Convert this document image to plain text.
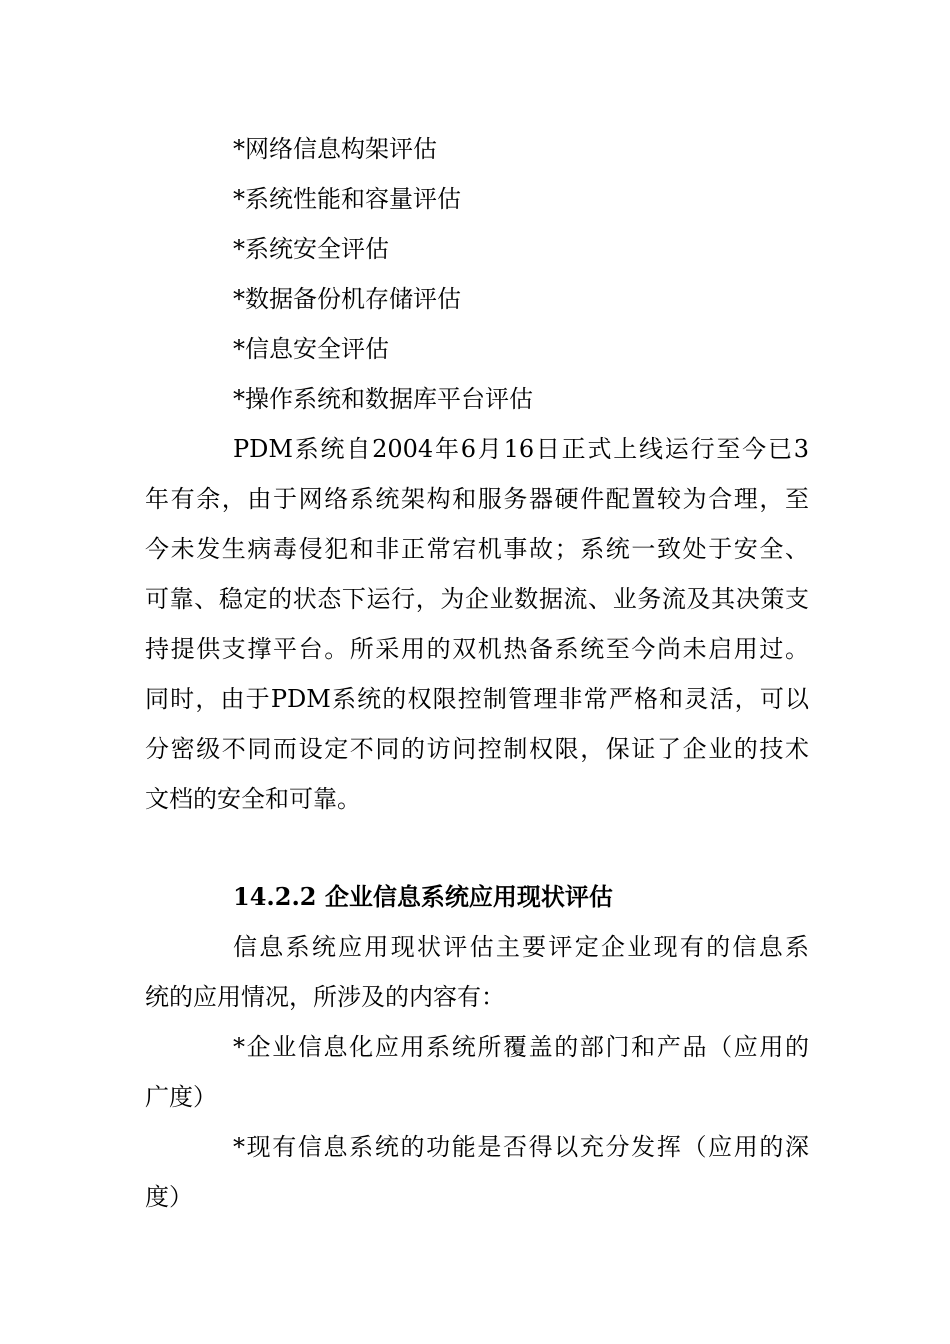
*网络信息构架评估
*系统性能和容量评估
*系统安全评估
*数据备份机存储评估
*信息安全评估
*操作系统和数据库平台评估
PDM系统自2004年6月16日正式上线运行至今已3
年有余，由于网络系统架构和服务器硬件配置较为合理，至
今未发生病毒侵犯和非正常宕机事故；系统一致处于安全、
可靠、稳定的状态下运行，为企业数据流、业务流及其决策支
持提供支撑平台。所采用的双机热备系统至今尚未启用过。
同时，由于PDM系统的权限控制管理非常严格和灵活，可以
分密级不同而设定不同的访问控制权限，保证了企业的技术
文档的安全和可靠。
14.2.2 企业信息系统应用现状评估
信息系统应用现状评估主要评定企业现有的信息系
统的应用情况，所涉及的内容有：
*企业信息化应用系统所覆盖的部门和产品（应用的
广度）
*现有信息系统的功能是否得以充分发挥（应用的深
度）
